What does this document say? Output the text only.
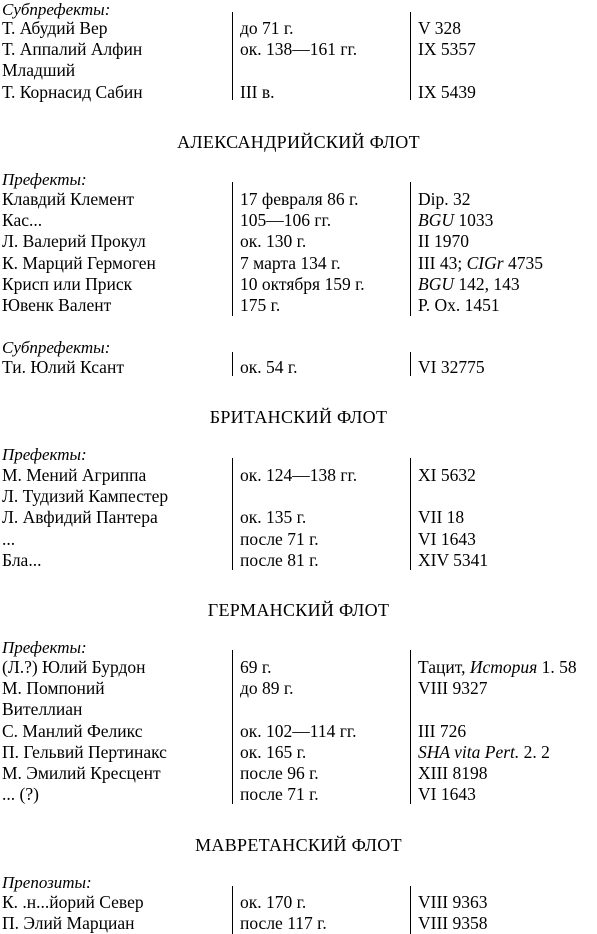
Субпрефекты:
Т. Абудий Вер	до 71 г.	V 328
Т. Аппалий Алфин	ок. 138—161 гг.	IX 5357
Младший
Т. Корнасид Сабин	III в.	IX 5439
АЛЕКСАНДРИЙСКИЙ ФЛОТ
Префекты:
Клавдий Клемент	17 февраля 86 г.	Dip. 32
Кас...	105—106 гг.	BGU 1033
Л. Валерий Прокул	ок. 130 г.	II 1970
К. Марций Гермоген	7 марта 134 г.	III 43; CIGr 4735
Крисп или Приск	10 октября 159 г.	BGU 142, 143
Ювенк Валент	175 г.	P. Ox. 1451
Субпрефекты:
Ти. Юлий Ксант	ок. 54 г.	VI 32775
БРИТАНСКИЙ ФЛОТ
Префекты:
М. Мений Агриппа	ок. 124—138 гг.	XI 5632
Л. Тудизий Кампестер
Л. Авфидий Пантера	ок. 135 г.	VII 18
...	после 71 г.	VI 1643
Бла...	после 81 г.	XIV 5341
ГЕРМАНСКИЙ ФЛОТ
Префекты:
(Л.?) Юлий Бурдон	69 г.	Тацит, История 1. 58
М. Помпоний	до 89 г.	VIII 9327
Вителлиан
С. Манлий Феликс	ок. 102—114 гг.	III 726
П. Гельвий Пертинакс	ок. 165 г.	SHA vita Pert. 2. 2
М. Эмилий Кресцент	после 96 г.	XIII 8198
... (?)	после 71 г.	VI 1643
МАВРЕТАНСКИЙ ФЛОТ
Препозиты:
К. .н...йорий Север	ок. 170 г.	VIII 9363
П. Элий Марциан	после 117 г.	VIII 9358
